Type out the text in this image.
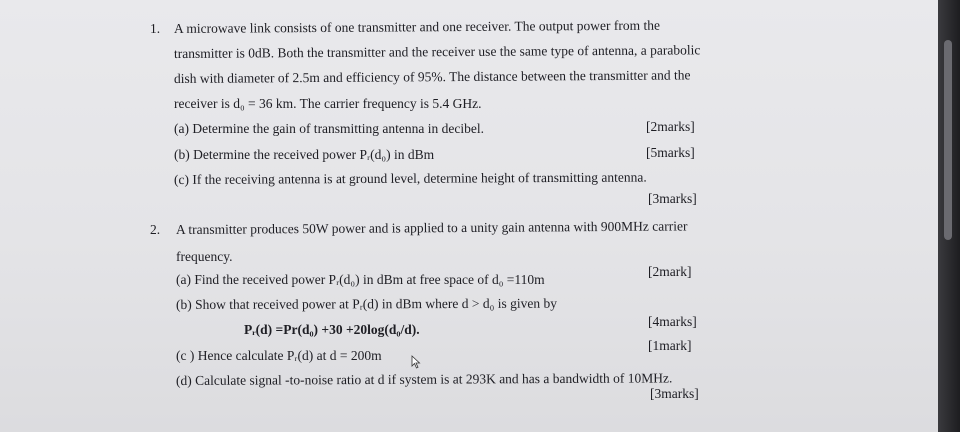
1. A microwave link consists of one transmitter and one receiver. The output power from the
transmitter is 0dB. Both the transmitter and the receiver use the same type of antenna, a parabolic
dish with diameter of 2.5m and efficiency of 95%. The distance between the transmitter and the
receiver is d₀ = 36 km. The carrier frequency is 5.4 GHz.
(a) Determine the gain of transmitting antenna in decibel.	[2marks]
(b) Determine the received power Pᵣ(d₀) in dBm	[5marks]
(c) If the receiving antenna is at ground level, determine height of transmitting antenna.
[3marks]
2. A transmitter produces 50W power and is applied to a unity gain antenna with 900MHz carrier
frequency.
(a) Find the received power Pᵣ(d₀) in dBm at free space of d₀ =110m
[2mark]
(b) Show that received power at Pᵣ(d) in dBm where d > d₀ is given by
Pᵣ(d) =Pr(d₀) +30 +20log(d₀/d).
[4marks]
(c ) Hence calculate Pᵣ(d) at d = 200m
[1mark]
(d) Calculate signal -to-noise ratio at d if system is at 293K and has a bandwidth of 10MHz.
[3marks]
